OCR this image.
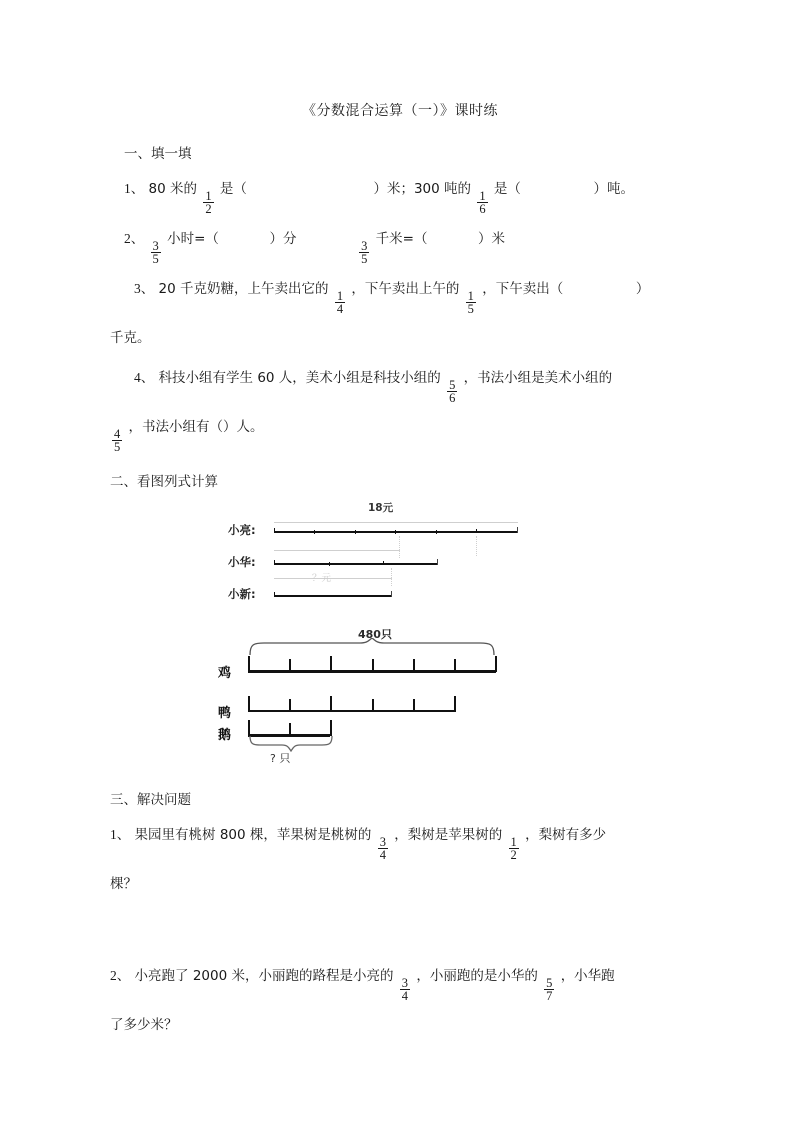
《分数混合运算（一）》课时练
一、填一填
1、 80 米的
$\frac{1}{2}$
是（	）米；300 吨的
$\frac{1}{6}$
是（	）吨。
2、
$\frac{3}{5}$
小时=（	）分
$\frac{3}{5}$
千米=（	）米
3、 20 千克奶糖，上午卖出它的
$\frac{1}{4}$
，下午卖出上午的
$\frac{1}{5}$
，下午卖出（	）
千克。
4、 科技小组有学生 60 人，美术小组是科技小组的
$\frac{5}{6}$
，书法小组是美术小组的
$\frac{4}{5}$
，书法小组有（）人。
二、看图列式计算
18元
小亮:
小华:
小新:
？元
480只
鸡
鸭
鹅
? 只
三、解决问题
1、 果园里有桃树 800 棵，苹果树是桃树的
$\frac{3}{4}$
，梨树是苹果树的
$\frac{1}{2}$
，梨树有多少
棵？
2、 小亮跑了 2000 米，小丽跑的路程是小亮的
$\frac{3}{4}$
，小丽跑的是小华的
$\frac{5}{7}$
，小华跑
了多少米？
